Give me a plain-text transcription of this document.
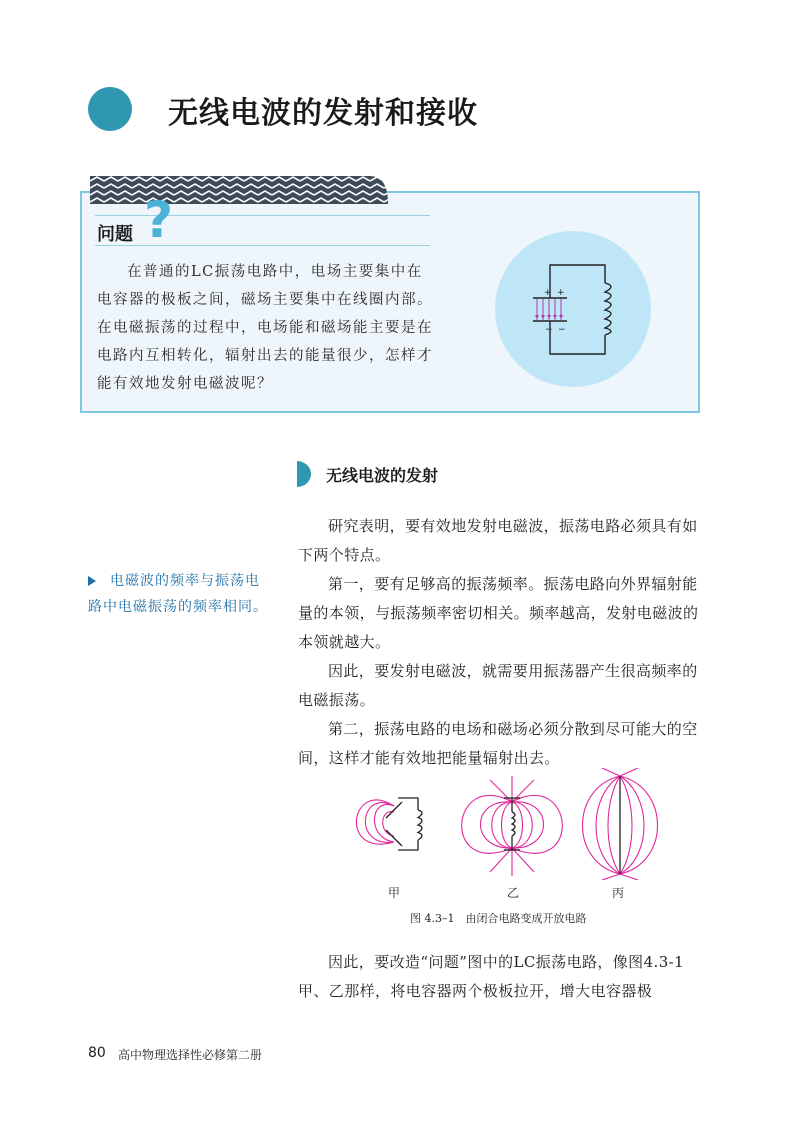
无线电波的发射和接收
?
问题

在普通的LC振荡电路中，电场主要集中在

电容器的极板之间，磁场主要集中在线圈内部。

在电磁振荡的过程中，电场能和磁场能主要是在

电路内互相转化，辐射出去的能量很少，怎样才

能有效地发射电磁波呢？

+ +
− −
无线电波的发射

电磁波的频率与振荡电

路中电磁振荡的频率相同。

研究表明，要有效地发射电磁波，振荡电路必须具有如下两个特点。

第一，要有足够高的振荡频率。振荡电路向外界辐射能量的本领，与振荡频率密切相关。频率越高，发射电磁波的本领就越大。

因此，要发射电磁波，就需要用振荡器产生很高频率的电磁振荡。

第二，振荡电路的电场和磁场必须分散到尽可能大的空间，这样才能有效地把能量辐射出去。

甲	乙	丙
图 4.3–1　由闭合电路变成开放电路

因此，要改造“问题”图中的LC振荡电路，像图4.3-1甲、乙那样，将电容器两个极板拉开，增大电容器极

80 高中物理选择性必修第二册
